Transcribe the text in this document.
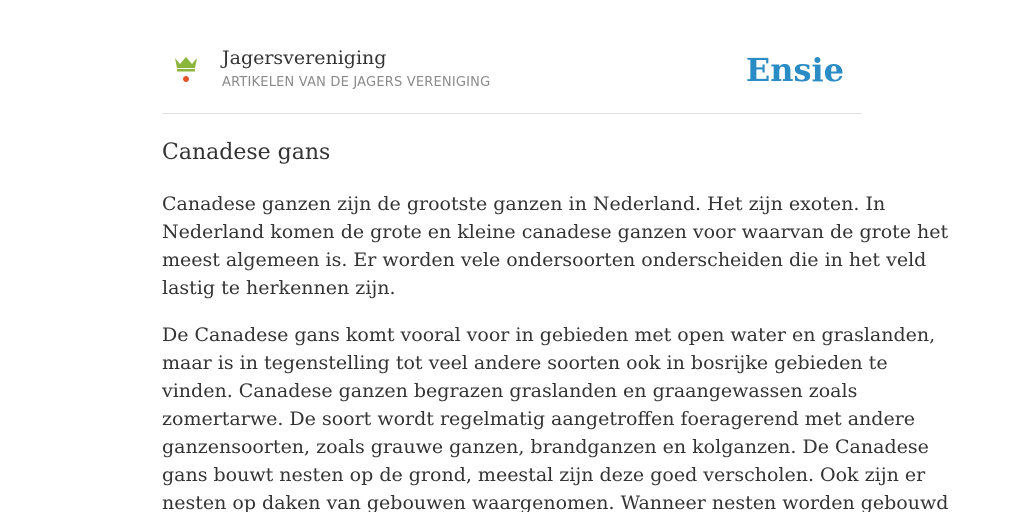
Jagersvereniging
ARTIKELEN VAN DE JAGERS VERENIGING	Ensie
Canadese gans

Canadese ganzen zijn de grootste ganzen in Nederland. Het zijn exoten. In
Nederland komen de grote en kleine canadese ganzen voor waarvan de grote het
meest algemeen is. Er worden vele ondersoorten onderscheiden die in het veld
lastig te herkennen zijn.

De Canadese gans komt vooral voor in gebieden met open water en graslanden,
maar is in tegenstelling tot veel andere soorten ook in bosrijke gebieden te
vinden. Canadese ganzen begrazen graslanden en graangewassen zoals
zomertarwe. De soort wordt regelmatig aangetroffen foeragerend met andere
ganzensoorten, zoals grauwe ganzen, brandganzen en kolganzen. De Canadese
gans bouwt nesten op de grond, meestal zijn deze goed verscholen. Ook zijn er
nesten op daken van gebouwen waargenomen. Wanneer nesten worden gebouwd
